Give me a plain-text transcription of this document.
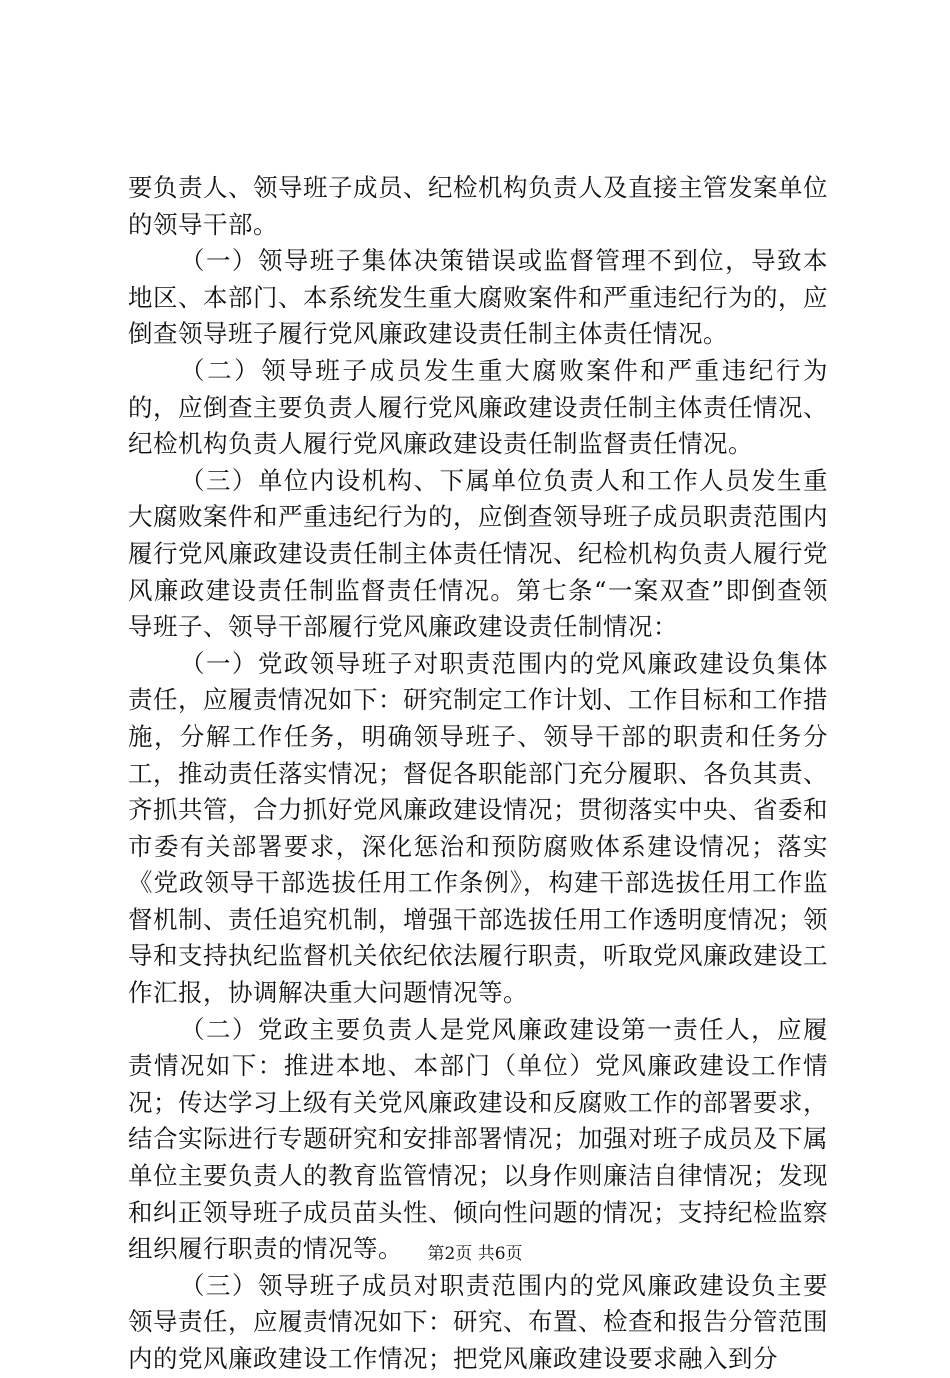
要负责人、领导班子成员、纪检机构负责人及直接主管发案单位的领导干部。

（一）领导班子集体决策错误或监督管理不到位，导致本地区、本部门、本系统发生重大腐败案件和严重违纪行为的，应倒查领导班子履行党风廉政建设责任制主体责任情况。

（二）领导班子成员发生重大腐败案件和严重违纪行为的，应倒查主要负责人履行党风廉政建设责任制主体责任情况、纪检机构负责人履行党风廉政建设责任制监督责任情况。

（三）单位内设机构、下属单位负责人和工作人员发生重大腐败案件和严重违纪行为的，应倒查领导班子成员职责范围内履行党风廉政建设责任制主体责任情况、纪检机构负责人履行党风廉政建设责任制监督责任情况。第七条“一案双查”即倒查领导班子、领导干部履行党风廉政建设责任制情况：

（一）党政领导班子对职责范围内的党风廉政建设负集体责任，应履责情况如下：研究制定工作计划、工作目标和工作措施，分解工作任务，明确领导班子、领导干部的职责和任务分工，推动责任落实情况；督促各职能部门充分履职、各负其责、齐抓共管，合力抓好党风廉政建设情况；贯彻落实中央、省委和市委有关部署要求，深化惩治和预防腐败体系建设情况；落实《党政领导干部选拔任用工作条例》，构建干部选拔任用工作监督机制、责任追究机制，增强干部选拔任用工作透明度情况；领导和支持执纪监督机关依纪依法履行职责，听取党风廉政建设工作汇报，协调解决重大问题情况等。

（二）党政主要负责人是党风廉政建设第一责任人，应履责情况如下：推进本地、本部门（单位）党风廉政建设工作情况；传达学习上级有关党风廉政建设和反腐败工作的部署要求，结合实际进行专题研究和安排部署情况；加强对班子成员及下属单位主要负责人的教育监管情况；以身作则廉洁自律情况；发现和纠正领导班子成员苗头性、倾向性问题的情况；支持纪检监察组织履行职责的情况等。

（三）领导班子成员对职责范围内的党风廉政建设负主要领导责任，应履责情况如下：研究、布置、检查和报告分管范围内的党风廉政建设工作情况；把党风廉政建设要求融入到分

第2页 共6页
